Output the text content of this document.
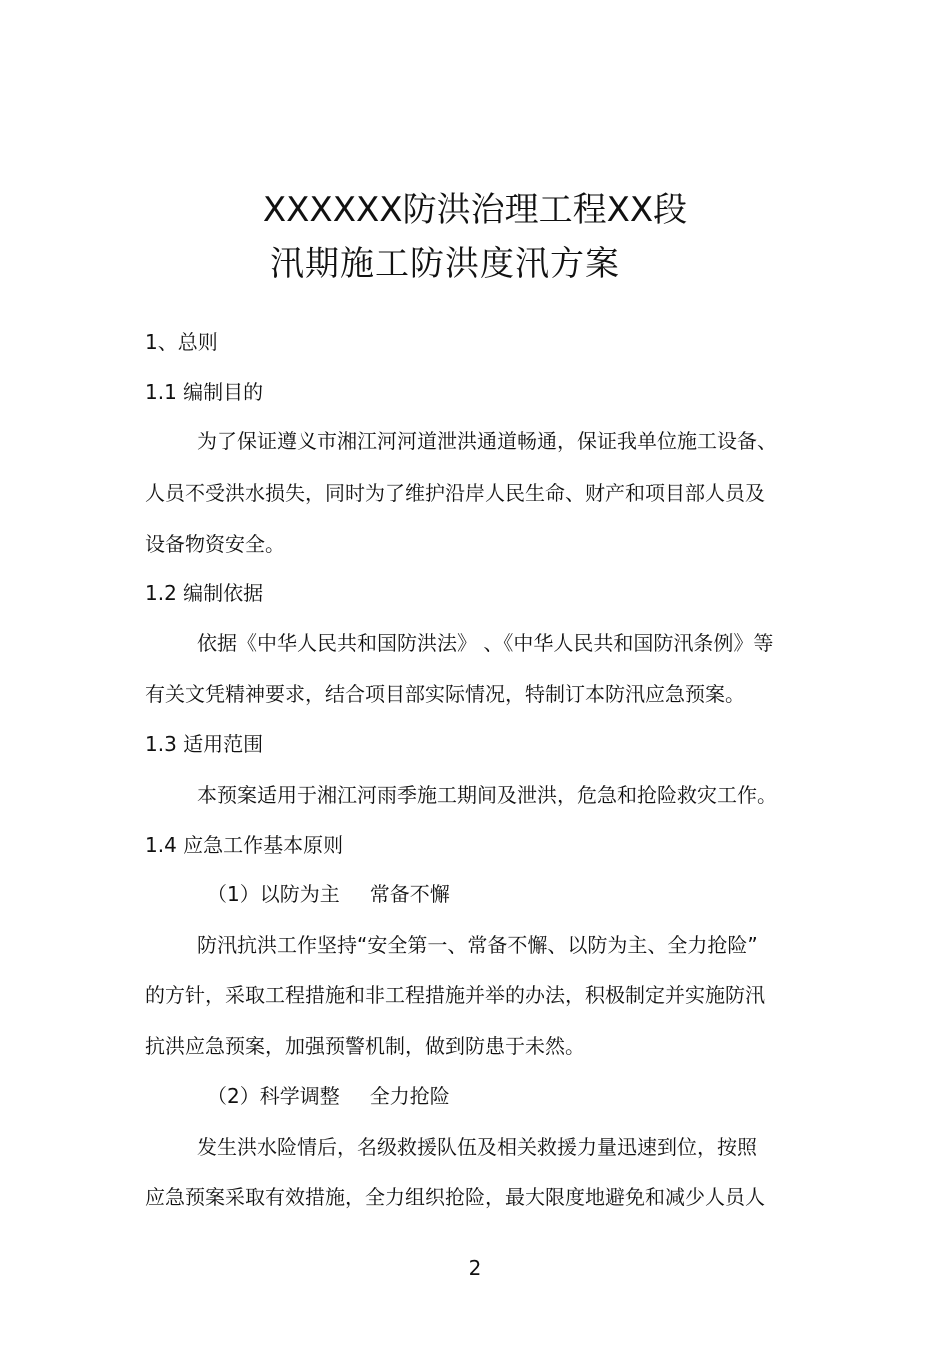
XXXXXX防洪治理工程XX段
汛期施工防洪度汛方案
1、总则
1.1 编制目的
为了保证遵义市湘江河河道泄洪通道畅通，保证我单位施工设备、
人员不受洪水损失，同时为了维护沿岸人民生命、财产和项目部人员及
设备物资安全。
1.2 编制依据
依据《中华人民共和国防洪法》 、《中华人民共和国防汛条例》等
有关文凭精神要求，结合项目部实际情况，特制订本防汛应急预案。
1.3 适用范围
本预案适用于湘江河雨季施工期间及泄洪，危急和抢险救灾工作。
1.4 应急工作基本原则
（1）以防为主 常备不懈
防汛抗洪工作坚持“安全第一、常备不懈、以防为主、全力抢险”
的方针，采取工程措施和非工程措施并举的办法，积极制定并实施防汛
抗洪应急预案，加强预警机制，做到防患于未然。
（2）科学调整 全力抢险
发生洪水险情后，名级救援队伍及相关救援力量迅速到位，按照
应急预案采取有效措施，全力组织抢险，最大限度地避免和减少人员人
2
